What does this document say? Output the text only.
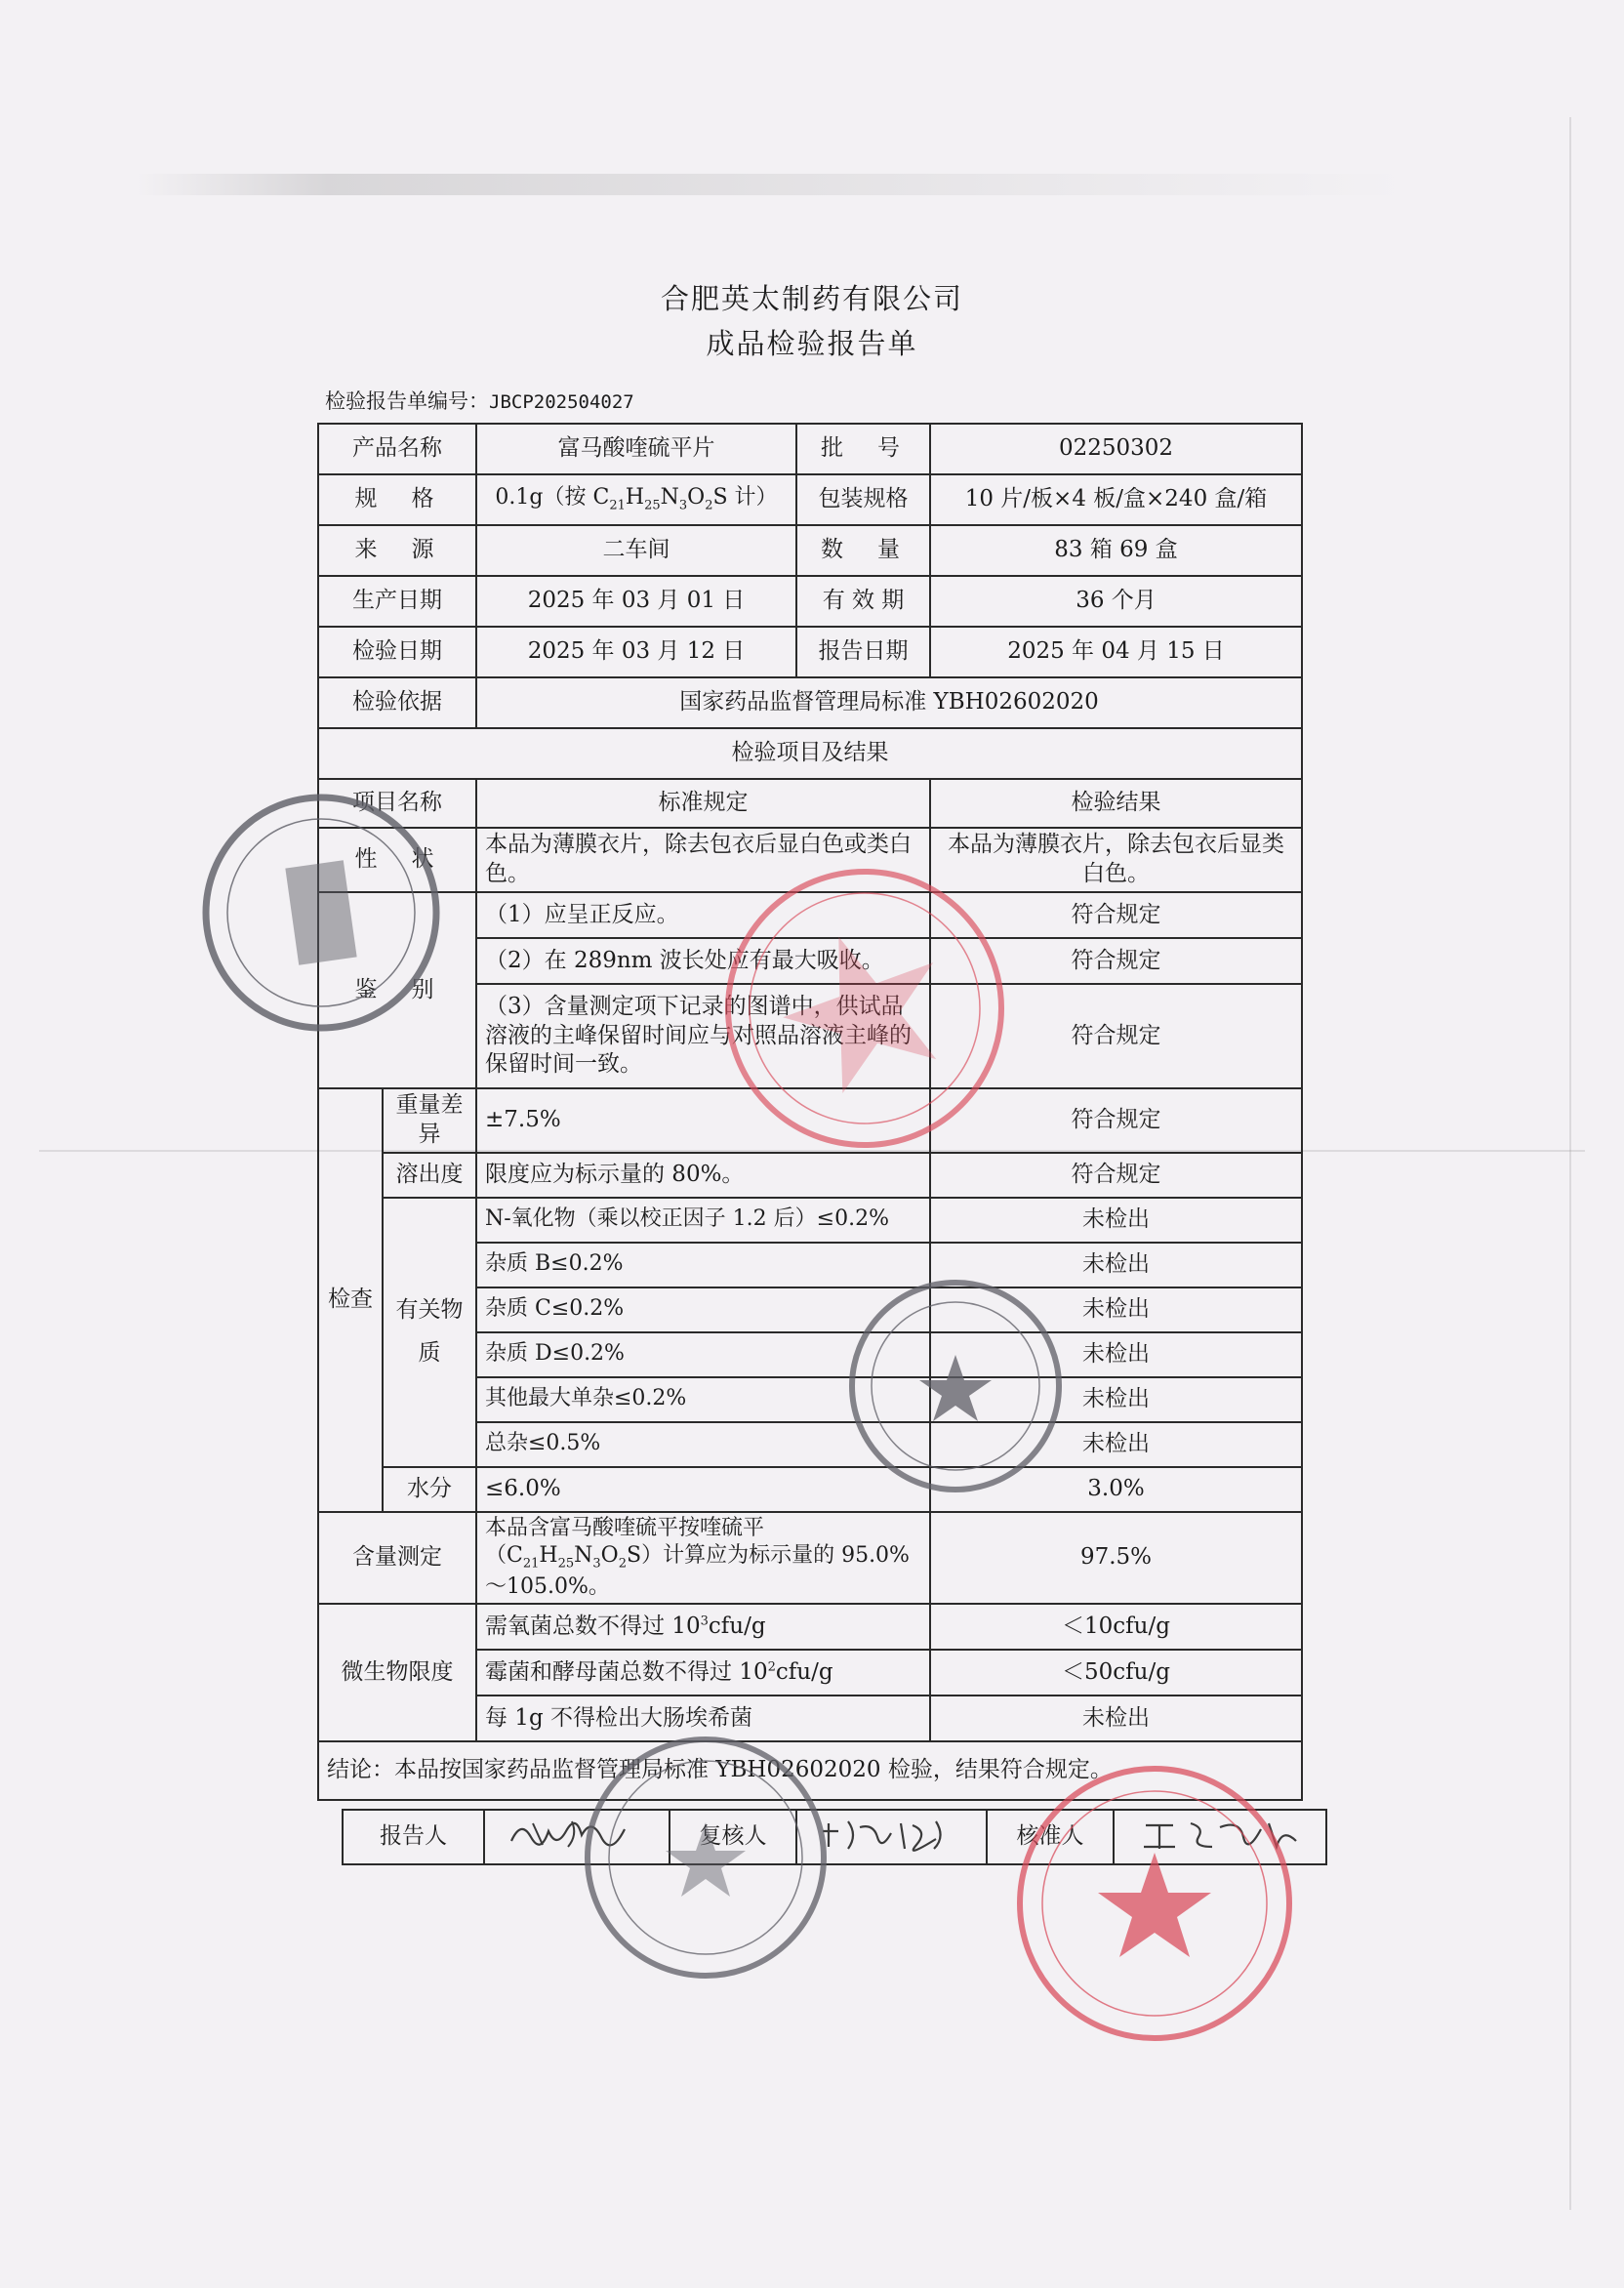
合肥英太制药有限公司
成品检验报告单
检验报告单编号：JBCP202504027
产品名称		富马酸喹硫平片	批　号	02250302
规　格		0.1g（按 $C_{21}H_{25}N_3O_2S$ 计）	包装规格	10 片/板×4 板/盒×240 盒/箱
来　源		二车间	数　量	83 箱 69 盒
生产日期		2025 年 03 月 01 日	有 效 期	36 个月
检验日期		2025 年 03 月 12 日	报告日期	2025 年 04 月 15 日
检验依据		国家药品监督管理局标准 YBH02602020		
检验项目及结果				
项目名称		标准规定		检验结果
性　状		本品为薄膜衣片，除去包衣后显白色或类白色。		本品为薄膜衣片，除去包衣后显类白色。
鉴　别		（1）应呈正反应。		符合规定
		（2）在 289nm 波长处应有最大吸收。		符合规定
		（3）含量测定项下记录的图谱中，供试品溶液的主峰保留时间应与对照品溶液主峰的保留时间一致。		符合规定
检查	重量差异	±7.5%		符合规定
	溶出度	限度应为标示量的 80%。		符合规定
	有关物质	N-氧化物（乘以校正因子 1.2 后）≤0.2%		未检出
		杂质 B≤0.2%		未检出
		杂质 C≤0.2%		未检出
		杂质 D≤0.2%		未检出
		其他最大单杂≤0.2%		未检出
		总杂≤0.5%		未检出
	水分	≤6.0%		3.0%
含量测定		本品含富马酸喹硫平按喹硫平$(C_{21}H_{25}N_3O_2S)$计算应为标示量的 95.0%～105.0%。		97.5%
微生物限度		需氧菌总数不得过 $10^3cfu/g$		＜10cfu/g
		霉菌和酵母菌总数不得过 $10^2cfu/g$		＜50cfu/g
		每 1g 不得检出大肠埃希菌		未检出
结论：本品按国家药品监督管理局标准 YBH02602020 检验，结果符合规定。				
报告人		复核人		核准人	
